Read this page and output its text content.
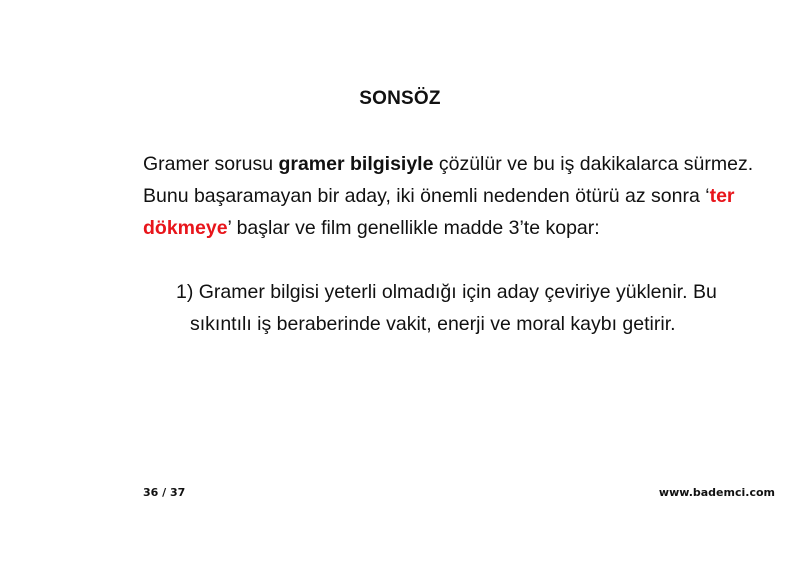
SONSÖZ
Gramer sorusu gramer bilgisiyle çözülür ve bu iş dakikalarca sürmez.
Bunu başaramayan bir aday, iki önemli nedenden ötürü az sonra ‘ter
dökmeye’ başlar ve film genellikle madde 3’te kopar:
1) Gramer bilgisi yeterli olmadığı için aday çeviriye yüklenir. Bu
sıkıntılı iş beraberinde vakit, enerji ve moral kaybı getirir.
36 / 37	www.bademci.com
